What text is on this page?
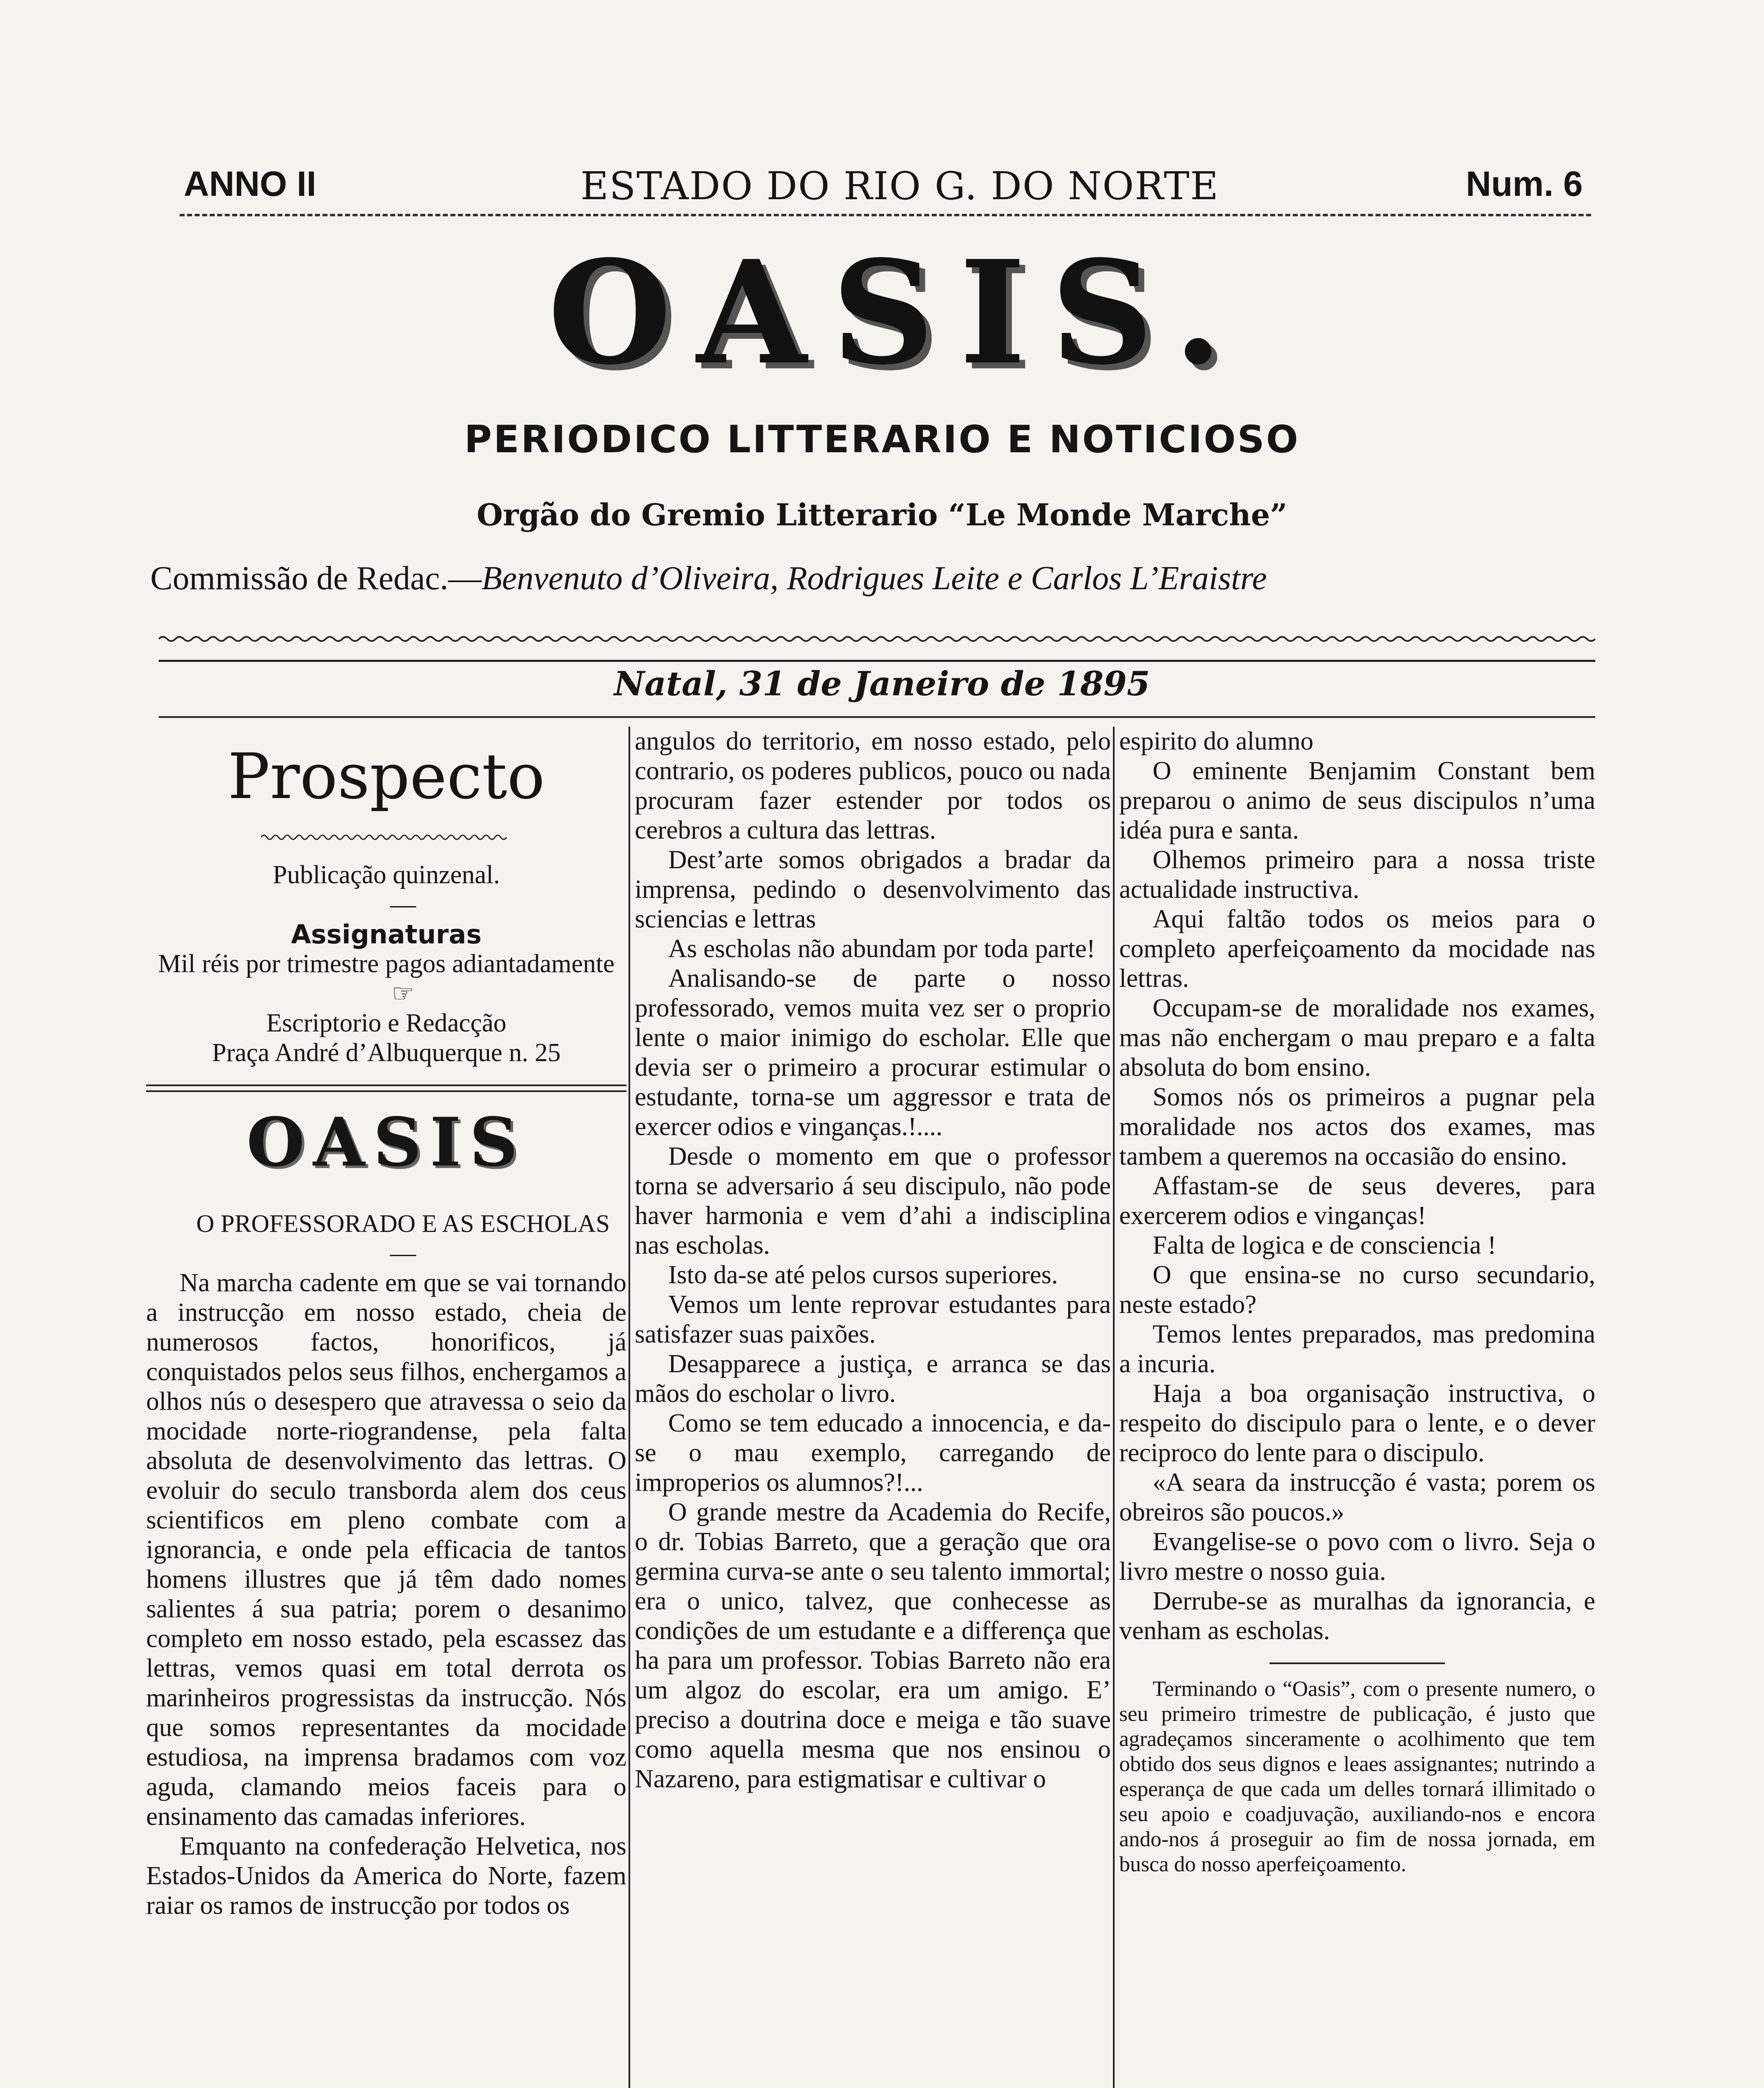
ANNO II	ESTADO DO RIO G. DO NORTE	Num. 6
OASIS.
PERIODICO LITTERARIO E NOTICIOSO
Orgão do Gremio Litterario “Le Monde Marche”
Commissão de Redac.—Benvenuto d’Oliveira, Rodrigues Leite e Carlos L’Eraistre
Natal, 31 de Janeiro de 1895
Prospecto

Publicação quinzenal.

—

Assignaturas

Mil réis por trimestre pagos adiantadamente

☞

Escriptorio e Redacção

Praça André d’Albuquerque n. 25

OASIS

O PROFESSORADO E AS ESCHOLAS

—

Na marcha cadente em que se vai tornando a instrucção em nosso estado, cheia de numerosos factos, honorificos, já conquistados pelos seus filhos, enchergamos a olhos nús o desespero que atravessa o seio da mocidade norte-riograndense, pela falta absoluta de desenvolvimento das lettras. O evoluir do seculo transborda alem dos ceus scientificos em pleno combate com a ignorancia, e onde pela efficacia de tantos homens illustres que já têm dado nomes salientes á sua patria; porem o desanimo completo em nosso estado, pela escassez das lettras, vemos quasi em total derrota os marinheiros progressistas da instrucção. Nós que somos representantes da mocidade estudiosa, na imprensa bradamos com voz aguda, clamando meios faceis para o ensinamento das camadas inferiores.

Emquanto na confederação Helvetica, nos Estados-Unidos da America do Norte, fazem raiar os ramos de instrucção por todos os

angulos do territorio, em nosso estado, pelo contrario, os poderes publicos, pouco ou nada procuram fazer estender por todos os cerebros a cultura das lettras.

Dest’arte somos obrigados a bradar da imprensa, pedindo o desenvolvimento das sciencias e lettras

As escholas não abundam por toda parte!

Analisando-se de parte o nosso professorado, vemos muita vez ser o proprio lente o maior inimigo do escholar. Elle que devia ser o primeiro a procurar estimular o estudante, torna-se um aggressor e trata de exercer odios e vinganças.!....

Desde o momento em que o professor torna se adversario á seu discipulo, não pode haver harmonia e vem d’ahi a indisciplina nas escholas.

Isto da-se até pelos cursos superiores.

Vemos um lente reprovar estudantes para satisfazer suas paixões.

Desapparece a justiça, e arranca se das mãos do escholar o livro.

Como se tem educado a innocencia, e da-se o mau exemplo, carregando de improperios os alumnos?!...

O grande mestre da Academia do Recife, o dr. Tobias Barreto, que a geração que ora germina curva-se ante o seu talento immortal; era o unico, talvez, que conhecesse as condições de um estudante e a differença que ha para um professor. Tobias Barreto não era um algoz do escolar, era um amigo. E’ preciso a doutrina doce e meiga e tão suave como aquella mesma que nos ensinou o Nazareno, para estigmatisar e cultivar o

espirito do alumno

O eminente Benjamim Constant bem preparou o animo de seus discipulos n’uma idéa pura e santa.

Olhemos primeiro para a nossa triste actualidade instructiva.

Aqui faltão todos os meios para o completo aperfeiçoamento da mocidade nas lettras.

Occupam-se de moralidade nos exames, mas não enchergam o mau preparo e a falta absoluta do bom ensino.

Somos nós os primeiros a pugnar pela moralidade nos actos dos exames, mas tambem a queremos na occasião do ensino.

Affastam-se de seus deveres, para exercerem odios e vinganças!

Falta de logica e de consciencia !

O que ensina-se no curso secundario, neste estado?

Temos lentes preparados, mas predomina a incuria.

Haja a boa organisação instructiva, o respeito do discipulo para o lente, e o dever reciproco do lente para o discipulo.

«A seara da instrucção é vasta; porem os obreiros são poucos.»

Evangelise-se o povo com o livro. Seja o livro mestre o nosso guia.

Derrube-se as muralhas da ignorancia, e venham as escholas.

Terminando o “Oasis”, com o presente numero, o seu primeiro trimestre de publicação, é justo que agradeçamos sinceramente o acolhimento que tem obtido dos seus dignos e leaes assignantes; nutrindo a esperança de que cada um delles tornará illimitado o seu apoio e coadjuvação, auxiliando-nos e encora ando-nos á proseguir ao fim de nossa jornada, em busca do nosso aperfeiçoamento.
